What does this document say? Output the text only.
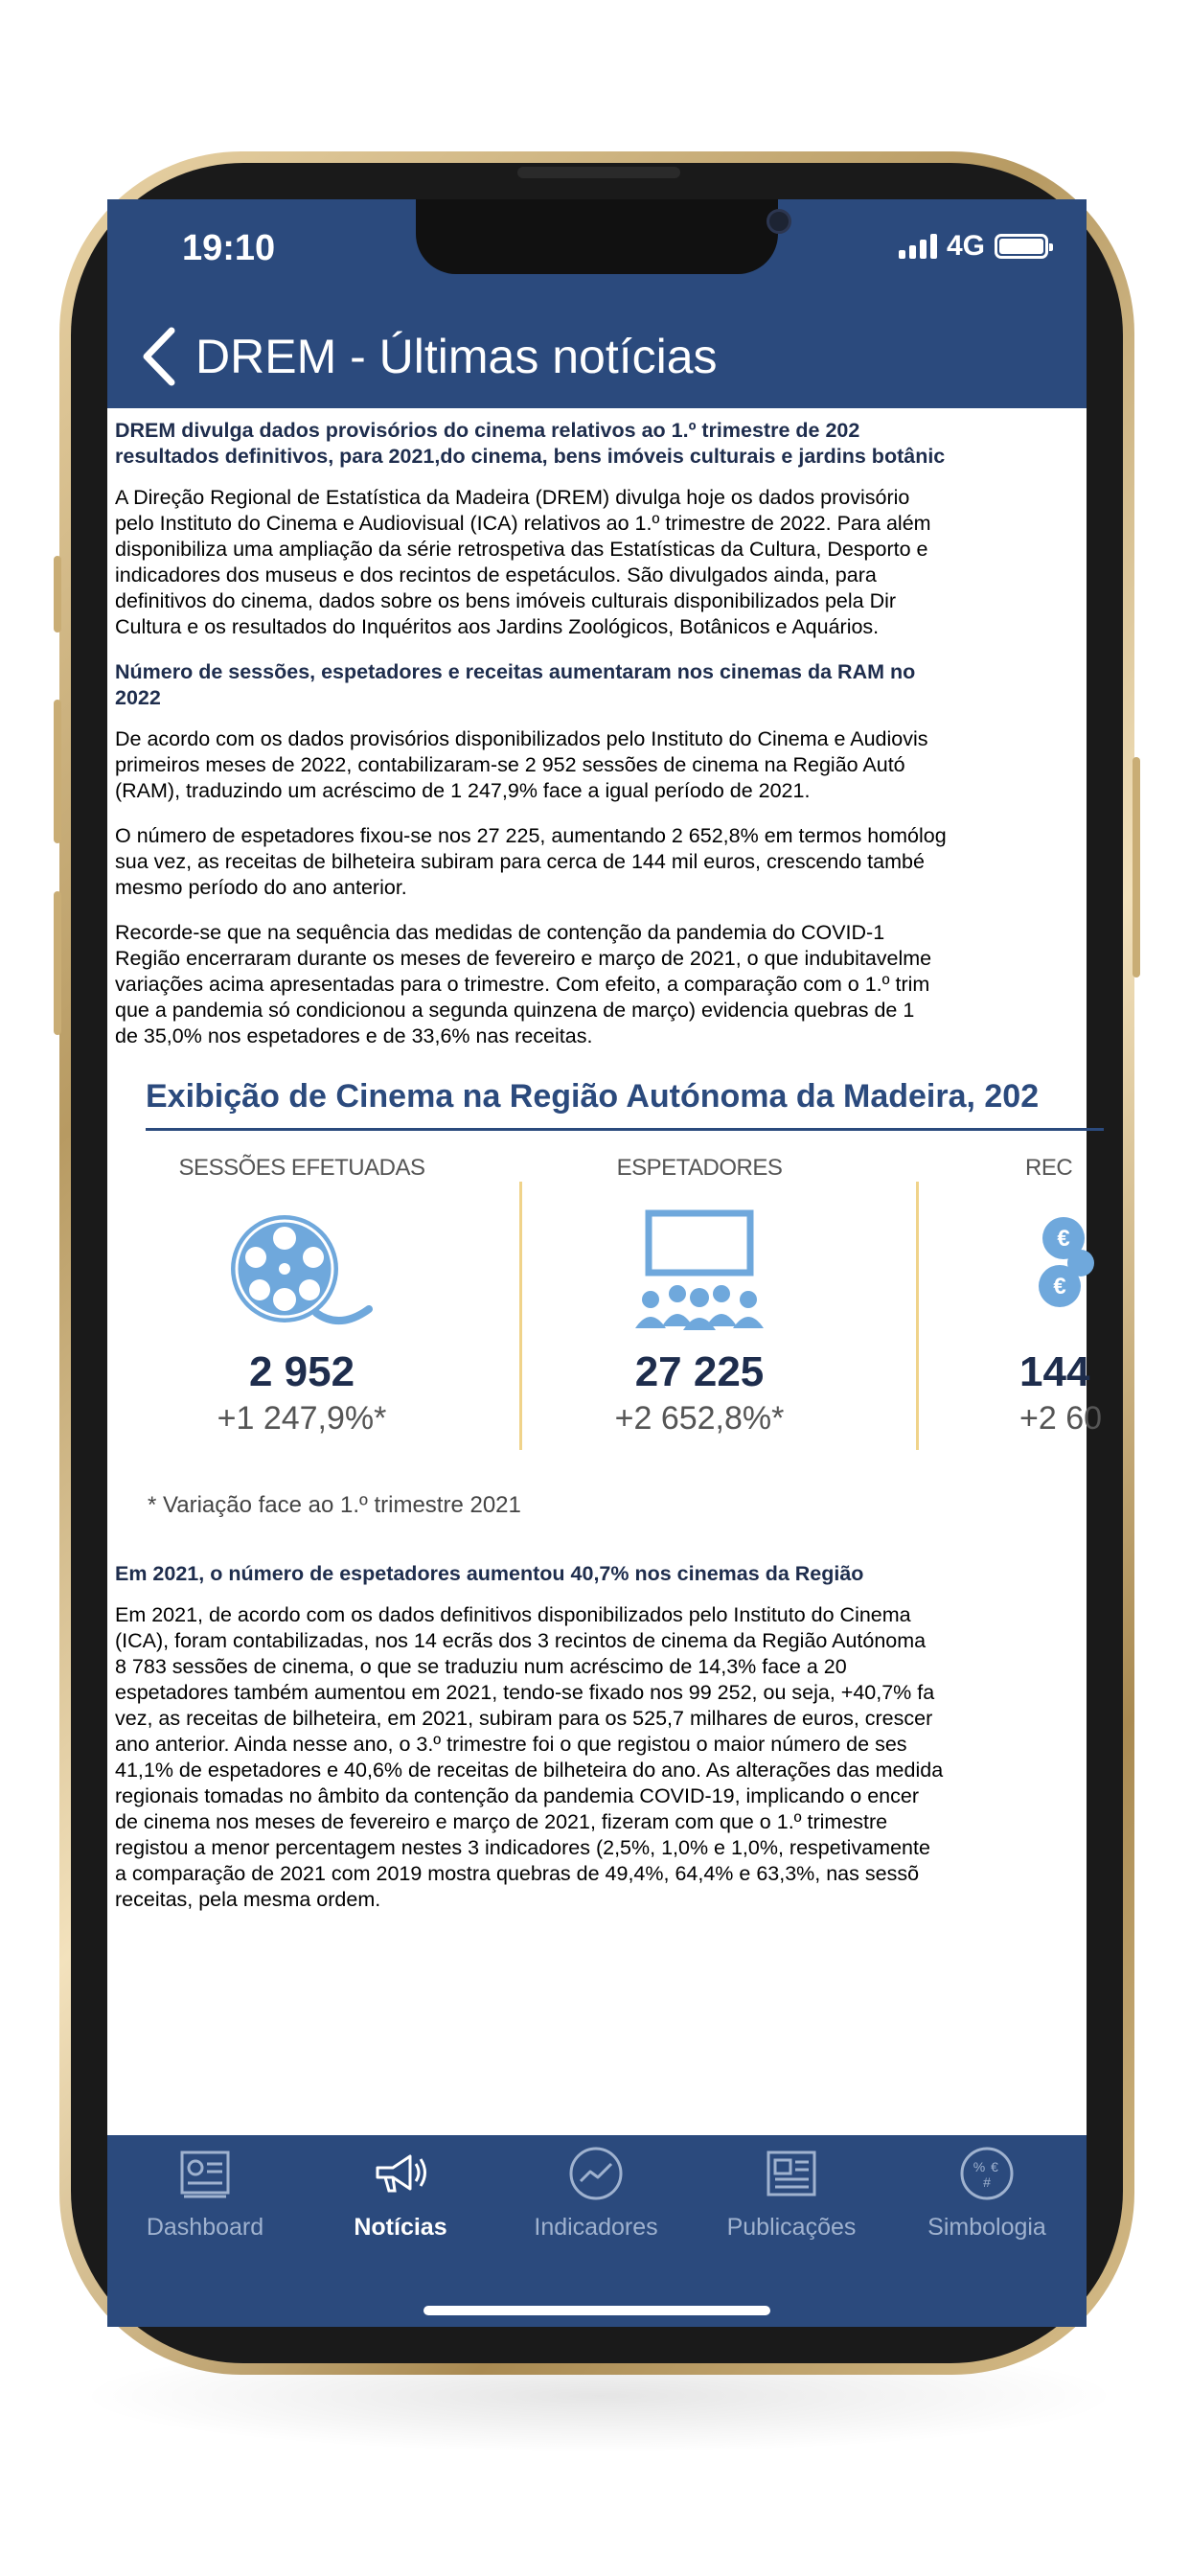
19:10	4G
DREM - Últimas notícias
DREM divulga dados provisórios do cinema relativos ao 1.º trimestre de 202
resultados definitivos, para 2021,do cinema, bens imóveis culturais e jardins botânic

A Direção Regional de Estatística da Madeira (DREM) divulga hoje os dados provisório

pelo Instituto do Cinema e Audiovisual (ICA) relativos ao 1.º trimestre de 2022. Para além

disponibiliza uma ampliação da série retrospetiva das Estatísticas da Cultura, Desporto e

indicadores dos museus e dos recintos de espetáculos. São divulgados ainda, para

definitivos do cinema, dados sobre os bens imóveis culturais disponibilizados pela Dir

Cultura e os resultados do Inquéritos aos Jardins Zoológicos, Botânicos e Aquários.

Número de sessões, espetadores e receitas aumentaram nos cinemas da RAM no
2022

De acordo com os dados provisórios disponibilizados pelo Instituto do Cinema e Audiovis

primeiros meses de 2022, contabilizaram-se 2 952 sessões de cinema na Região Autó

(RAM), traduzindo um acréscimo de 1 247,9% face a igual período de 2021.

O número de espetadores fixou-se nos 27 225, aumentando 2 652,8% em termos homólog

sua vez, as receitas de bilheteira subiram para cerca de 144 mil euros, crescendo també

mesmo período do ano anterior.

Recorde-se que na sequência das medidas de contenção da pandemia do COVID-1

Região encerraram durante os meses de fevereiro e março de 2021, o que indubitavelme

variações acima apresentadas para o trimestre. Com efeito, a comparação com o 1.º trim

que a pandemia só condicionou a segunda quinzena de março) evidencia quebras de 1

de 35,0% nos espetadores e de 33,6% nas receitas.

Exibição de Cinema na Região Autónoma da Madeira, 202
SESSÕES EFETUADAS
2 952
+1 247,9%*
ESPETADORES
27 225
+2 652,8%*
REC
€
€
144
+2 60
* Variação face ao 1.º trimestre 2021
Em 2021, o número de espetadores aumentou 40,7% nos cinemas da Região

Em 2021, de acordo com os dados definitivos disponibilizados pelo Instituto do Cinema

(ICA), foram contabilizadas, nos 14 ecrãs dos 3 recintos de cinema da Região Autónoma

8 783 sessões de cinema, o que se traduziu num acréscimo de 14,3% face a 20

espetadores também aumentou em 2021, tendo-se fixado nos 99 252, ou seja, +40,7% fa

vez, as receitas de bilheteira, em 2021, subiram para os 525,7 milhares de euros, crescer

ano anterior. Ainda nesse ano, o 3.º trimestre foi o que registou o maior número de ses

41,1% de espetadores e 40,6% de receitas de bilheteira do ano. As alterações das medida

regionais tomadas no âmbito da contenção da pandemia COVID-19, implicando o encer

de cinema nos meses de fevereiro e março de 2021, fizeram com que o 1.º trimestre

registou a menor percentagem nestes 3 indicadores (2,5%, 1,0% e 1,0%, respetivamente

a comparação de 2021 com 2019 mostra quebras de 49,4%, 64,4% e 63,3%, nas sessõ

receitas, pela mesma ordem.

Dashboard	Notícias	Indicadores	Publicações
% €
#
Simbologia
